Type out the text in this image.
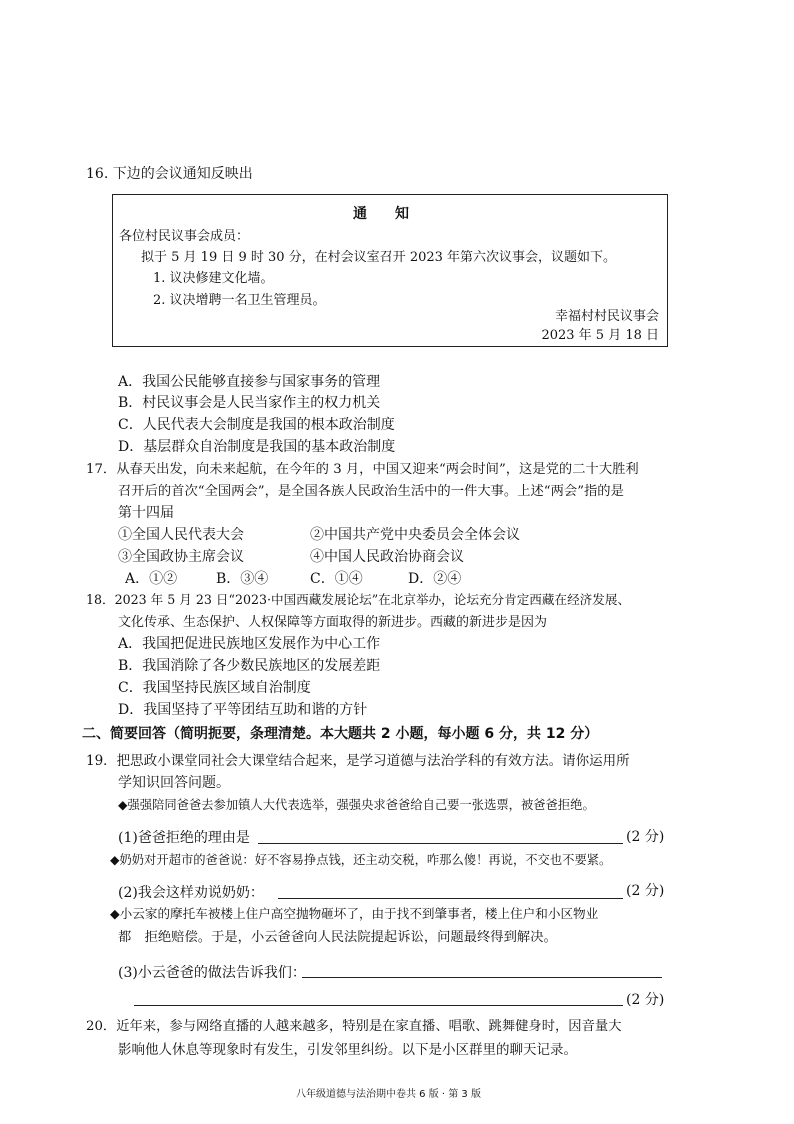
16. 下边的会议通知反映出
通　　知
各位村民议事会成员：
拟于 5 月 19 日 9 时 30 分，在村会议室召开 2023 年第六次议事会，议题如下。
1. 议决修建文化墙。
2. 议决增聘一名卫生管理员。
幸福村村民议事会
2023 年 5 月 18 日
A．我国公民能够直接参与国家事务的管理
B．村民议事会是人民当家作主的权力机关
C．人民代表大会制度是我国的根本政治制度
D．基层群众自治制度是我国的基本政治制度
17．从春天出发，向未来起航，在今年的 3 月，中国又迎来“两会时间”，这是党的二十大胜利
召开后的首次“全国两会”，是全国各族人民政治生活中的一件大事。上述“两会”指的是
第十四届
①全国人民代表大会	②中国共产党中央委员会全体会议
③全国政协主席会议	④中国人民政治协商会议
A．①②	B．③④	C．①④	D．②④
18．2023 年 5 月 23 日“2023·中国西藏发展论坛”在北京举办，论坛充分肯定西藏在经济发展、
文化传承、生态保护、人权保障等方面取得的新进步。西藏的新进步是因为
A．我国把促进民族地区发展作为中心工作
B．我国消除了各少数民族地区的发展差距
C．我国坚持民族区域自治制度
D．我国坚持了平等团结互助和谐的方针
二、简要回答（简明扼要，条理清楚。本大题共 2 小题，每小题 6 分，共 12 分）
19．把思政小课堂同社会大课堂结合起来，是学习道德与法治学科的有效方法。请你运用所
学知识回答问题。
◆强强陪同爸爸去参加镇人大代表选举，强强央求爸爸给自己要一张选票，被爸爸拒绝。
(1)爸爸拒绝的理由是	(2 分)
◆奶奶对开超市的爸爸说：好不容易挣点钱，还主动交税，咋那么傻！再说，不交也不要紧。
(2)我会这样劝说奶奶：	(2 分)
◆小云家的摩托车被楼上住户高空抛物砸坏了，由于找不到肇事者，楼上住户和小区物业
都　拒绝赔偿。于是，小云爸爸向人民法院提起诉讼，问题最终得到解决。
(3)小云爸爸的做法告诉我们：
(2 分)
20．近年来，参与网络直播的人越来越多，特别是在家直播、唱歌、跳舞健身时，因音量大
影响他人休息等现象时有发生，引发邻里纠纷。以下是小区群里的聊天记录。
八年级道德与法治期中卷共 6 版 · 第 3 版
